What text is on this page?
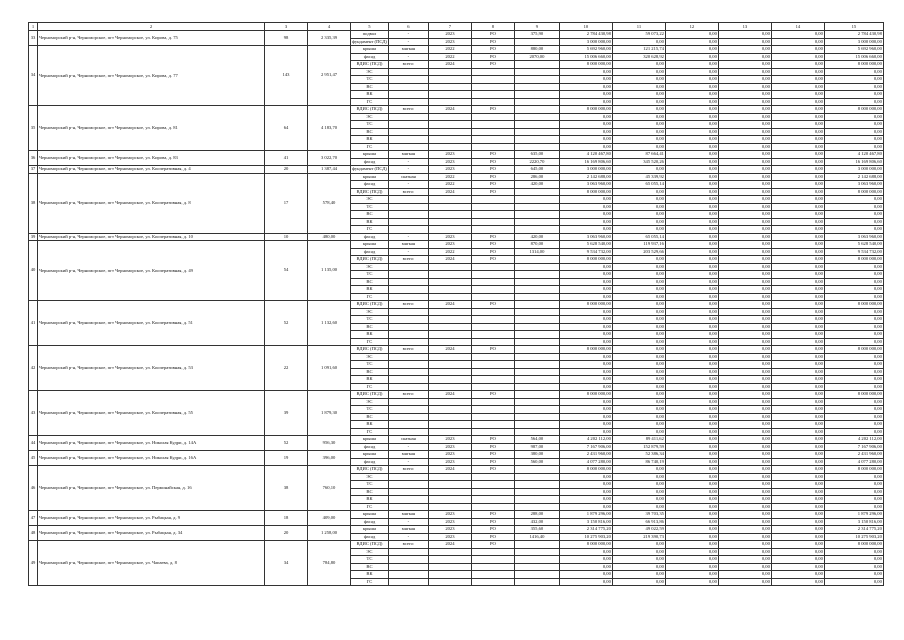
1	2	3	4	5	6	7	8	9	10	11	12	13	14	15
33	Черноморский р-н, Черноморское, пгт Черноморское, ул. Кирова, д. 75	98	2 335,39	подвал	-	2023	РО	375,90	2 784 430,98	59 073,22	0,00	0,00	0,00	2 784 430,98
				фундамент (ПСД)	-	2023	РО		3 000 000,00	0,00	0,00	0,00	0,00	3 000 000,00
34	Черноморский р-н, Черноморское, пгт Черноморское, ул. Кирова, д. 77	143	2 951,47	крыша	мягкая	2022	РО	880,00	5 692 960,00	121 215,74	0,00	0,00	0,00	5 692 960,00
				фасад	-	2022	РО	2070,00	15 006 660,00	320 628,92	0,00	0,00	0,00	15 006 660,00
				ВДИС (ПСД)	всего:	2024	РО		8 000 000,00	0,00	0,00	0,00	0,00	8 000 000,00
				ЭС					0,00	0,00	0,00	0,00	0,00	0,00
				ТС					0,00	0,00	0,00	0,00	0,00	0,00
				ВС					0,00	0,00	0,00	0,00	0,00	0,00
				ВК					0,00	0,00	0,00	0,00	0,00	0,00
				ГС					0,00	0,00	0,00	0,00	0,00	0,00
35	Черноморский р-н, Черноморское, пгт Черноморское, ул. Кирова, д. 81	64	4 183,70	ВДИС (ПСД)	всего:	2024	РО		8 000 000,00	0,00	0,00	0,00	0,00	8 000 000,00
				ЭС					0,00	0,00	0,00	0,00	0,00	0,00
				ТС					0,00	0,00	0,00	0,00	0,00	0,00
				ВС					0,00	0,00	0,00	0,00	0,00	0,00
				ВК					0,00	0,00	0,00	0,00	0,00	0,00
				ГС					0,00	0,00	0,00	0,00	0,00	0,00
36	Черноморский р-н, Черноморское, пгт Черноморское, ул. Кирова, д. 83	41	3 022,70	крыша	мягкая	2023	РО	635,00	4 120 467,80	87 664,41	0,00	0,00	0,00	4 120 467,80
				фасад	-	2023	РО	2220,70	16 169 806,60	345 520,26	0,00	0,00	0,00	16 169 806,60
37	Черноморский р-н, Черноморское, пгт Черноморское, ул. Кооперативная, д. 4	20	1 387,44	фундамент (ПСД)	-	2023	РО	645,00	3 000 000,00	0,00	0,00	0,00	0,00	3 000 000,00
38	Черноморский р-н, Черноморское, пгт Черноморское, ул. Кооперативная, д. 8	17	578,40	крыша	скатная	2022	РО	286,00	2 142 688,00	45 339,92	0,00	0,00	0,00	2 142 688,00
				фасад	-	2022	РО	420,00	3 063 960,00	65 055,14	0,00	0,00	0,00	3 063 960,00
				ВДИС (ПСД)	всего:	2024	РО		8 000 000,00	0,00	0,00	0,00	0,00	8 000 000,00
				ЭС					0,00	0,00	0,00	0,00	0,00	0,00
				ТС					0,00	0,00	0,00	0,00	0,00	0,00
				ВС					0,00	0,00	0,00	0,00	0,00	0,00
				ВК					0,00	0,00	0,00	0,00	0,00	0,00
				ГС					0,00	0,00	0,00	0,00	0,00	0,00
39	Черноморский р-н, Черноморское, пгт Черноморское, ул. Кооперативная, д. 10	10	480,00	фасад	-	2023	РО	420,00	3 063 960,00	65 055,14	0,00	0,00	0,00	3 063 960,00
40	Черноморский р-н, Черноморское, пгт Черноморское, ул. Кооперативная, д. 49	54	1 135,00	крыша	мягкая	2023	РО	870,00	5 628 540,00	119 937,16	0,00	0,00	0,00	5 628 540,00
				фасад	-	2022	РО	1314,00	9 534 732,00	203 529,66	0,00	0,00	0,00	9 534 732,00
				ВДИС (ПСД)	всего:	2024	РО		8 000 000,00	0,00	0,00	0,00	0,00	8 000 000,00
				ЭС					0,00	0,00	0,00	0,00	0,00	0,00
				ТС					0,00	0,00	0,00	0,00	0,00	0,00
				ВС					0,00	0,00	0,00	0,00	0,00	0,00
				ВК					0,00	0,00	0,00	0,00	0,00	0,00
				ГС					0,00	0,00	0,00	0,00	0,00	0,00
41	Черноморский р-н, Черноморское, пгт Черноморское, ул. Кооперативная, д. 51	52	1 132,60	ВДИС (ПСД)	всего:	2024	РО		8 000 000,00	0,00	0,00	0,00	0,00	8 000 000,00
				ЭС					0,00	0,00	0,00	0,00	0,00	0,00
				ТС					0,00	0,00	0,00	0,00	0,00	0,00
				ВС					0,00	0,00	0,00	0,00	0,00	0,00
				ВК					0,00	0,00	0,00	0,00	0,00	0,00
				ГС					0,00	0,00	0,00	0,00	0,00	0,00
42	Черноморский р-н, Черноморское, пгт Черноморское, ул. Кооперативная, д. 53	22	1 091,60	ВДИС (ПСД)	всего:	2024	РО		8 000 000,00	0,00	0,00	0,00	0,00	8 000 000,00
				ЭС					0,00	0,00	0,00	0,00	0,00	0,00
				ТС					0,00	0,00	0,00	0,00	0,00	0,00
				ВС					0,00	0,00	0,00	0,00	0,00	0,00
				ВК					0,00	0,00	0,00	0,00	0,00	0,00
				ГС					0,00	0,00	0,00	0,00	0,00	0,00
43	Черноморский р-н, Черноморское, пгт Черноморское, ул. Кооперативная, д. 55	39	1 879,30	ВДИС (ПСД)	всего:	2024	РО		8 000 000,00	0,00	0,00	0,00	0,00	8 000 000,00
				ЭС					0,00	0,00	0,00	0,00	0,00	0,00
				ТС					0,00	0,00	0,00	0,00	0,00	0,00
				ВС					0,00	0,00	0,00	0,00	0,00	0,00
				ВК					0,00	0,00	0,00	0,00	0,00	0,00
				ГС					0,00	0,00	0,00	0,00	0,00	0,00
44	Черноморский р-н, Черноморское, пгт Черноморское, ул. Николая Кудри, д. 14А	52	956,30	крыша	скатная	2023	РО	564,00	4 202 112,00	89 411,62	0,00	0,00	0,00	4 202 112,00
				фасад	-	2023	РО	987,00	7 167 906,00	152 879,59	0,00	0,00	0,00	7 167 906,00
45	Черноморский р-н, Черноморское, пгт Черноморское, ул. Николая Кудри, д. 16А	19	396,00	крыша	мягкая	2023	РО	380,00	2 431 960,00	52 386,34	0,00	0,00	0,00	2 431 960,00
				фасад	-	2023	РО	560,00	4 077 280,00	86 740,19	0,00	0,00	0,00	4 077 280,00
46	Черноморский р-н, Черноморское, пгт Черноморское, ул. Пермонайская, д. 16	38	760,10	ВДИС (ПСД)	всего:	2024	РО		8 000 000,00	0,00	0,00	0,00	0,00	8 000 000,00
				ЭС					0,00	0,00	0,00	0,00	0,00	0,00
				ТС					0,00	0,00	0,00	0,00	0,00	0,00
				ВС					0,00	0,00	0,00	0,00	0,00	0,00
				ВК					0,00	0,00	0,00	0,00	0,00	0,00
				ГС					0,00	0,00	0,00	0,00	0,00	0,00
47	Черноморский р-н, Черноморское, пгт Черноморское, ул. Рыбацкая, д. 9	18	409,00	крыша	мягкая	2023	РО	288,00	1 879 296,00	39 703,35	0,00	0,00	0,00	1 879 296,00
				фасад	-	2023	РО	432,00	3 150 816,00	66 913,86	0,00	0,00	0,00	3 150 816,00
48	Черноморский р-н, Черноморское, пгт Черноморское, ул. Рыбацкая, д. 34	20	1 258,00	крыша	мягкая	2023	РО	355,60	2 314 775,20	49 022,59	0,00	0,00	0,00	2 314 775,20
				фасад	-	2023	РО	1416,40	10 275 903,20	219 390,73	0,00	0,00	0,00	10 275 903,20
49	Черноморский р-н, Черноморское, пгт Черноморское, ул. Чапаева, д. 8	34	784,80	ВДИС (ПСД)	всего:	2024	РО		8 000 000,00	0,00	0,00	0,00	0,00	8 000 000,00
				ЭС					0,00	0,00	0,00	0,00	0,00	0,00
				ТС					0,00	0,00	0,00	0,00	0,00	0,00
				ВС					0,00	0,00	0,00	0,00	0,00	0,00
				ВК					0,00	0,00	0,00	0,00	0,00	0,00
				ГС					0,00	0,00	0,00	0,00	0,00	0,00
